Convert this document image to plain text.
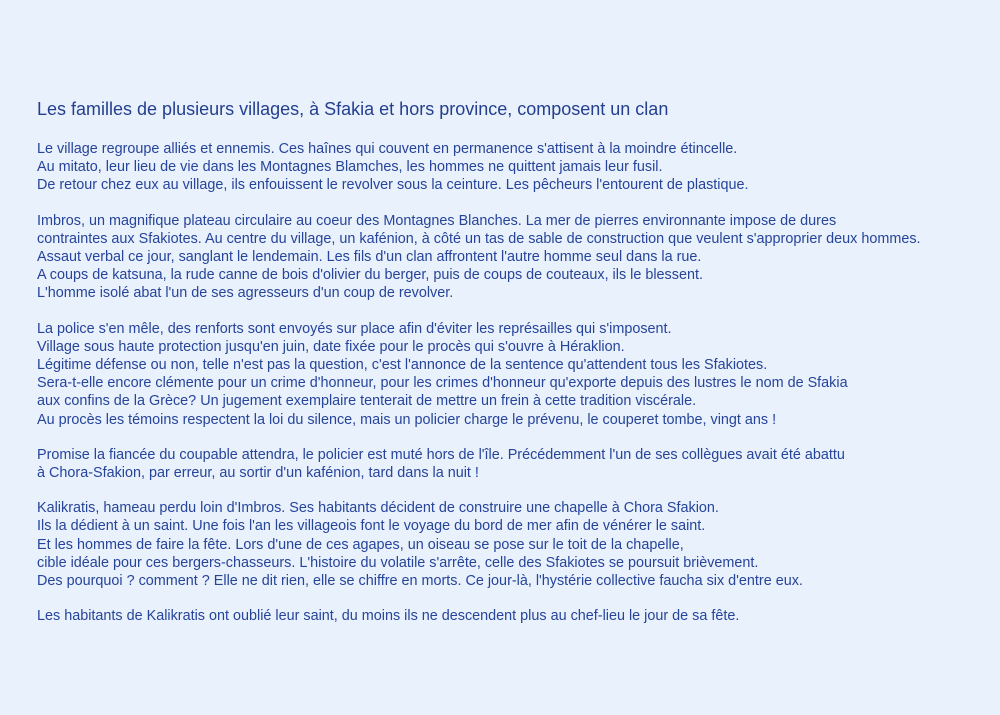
Les familles de plusieurs villages, à Sfakia et hors province, composent un clan
Le village regroupe alliés et ennemis. Ces haînes qui couvent en permanence s'attisent à la moindre étincelle.
Au mitato, leur lieu de vie dans les Montagnes Blamches, les hommes ne quittent jamais leur fusil.
De retour chez eux au village, ils enfouissent le revolver sous la ceinture. Les pêcheurs l'entourent de plastique.
Imbros, un magnifique plateau circulaire au coeur des Montagnes Blanches. La mer de pierres environnante impose de dures
contraintes aux Sfakiotes. Au centre du village, un kafénion, à côté un tas de sable de construction que veulent s'approprier deux hommes.
Assaut verbal ce jour, sanglant le lendemain. Les fils d'un clan affrontent l'autre homme seul dans la rue.
A coups de katsuna, la rude canne de bois d'olivier du berger, puis de coups de couteaux, ils le blessent.
L'homme isolé abat l'un de ses agresseurs d'un coup de revolver.
La police s'en mêle, des renforts sont envoyés sur place afin d'éviter les représailles qui s'imposent.
Village sous haute protection jusqu'en juin, date fixée pour le procès qui s'ouvre à Héraklion.
Légitime défense ou non, telle n'est pas la question, c'est l'annonce de la sentence qu'attendent tous les Sfakiotes.
Sera-t-elle encore clémente pour un crime d'honneur, pour les crimes d'honneur qu'exporte depuis des lustres le nom de Sfakia
aux confins de la Grèce? Un jugement exemplaire tenterait de mettre un frein à cette tradition viscérale.
Au procès les témoins respectent la loi du silence, mais un policier charge le prévenu, le couperet tombe, vingt ans !
Promise la fiancée du coupable attendra, le policier est muté hors de l'île. Précédemment l'un de ses collègues avait été abattu
à Chora-Sfakion, par erreur, au sortir d'un kafénion, tard dans la nuit !
Kalikratis, hameau perdu loin d'Imbros. Ses habitants décident de construire une chapelle à Chora Sfakion.
Ils la dédient à un saint. Une fois l'an les villageois font le voyage du bord de mer afin de vénérer le saint.
Et les hommes de faire la fête. Lors d'une de ces agapes, un oiseau se pose sur le toit de la chapelle,
cible idéale pour ces bergers-chasseurs. L'histoire du volatile s'arrête, celle des Sfakiotes se poursuit brièvement.
Des pourquoi ? comment ? Elle ne dit rien, elle se chiffre en morts. Ce jour-là, l'hystérie collective faucha six d'entre eux.
Les habitants de Kalikratis ont oublié leur saint, du moins ils ne descendent plus au chef-lieu le jour de sa fête.
